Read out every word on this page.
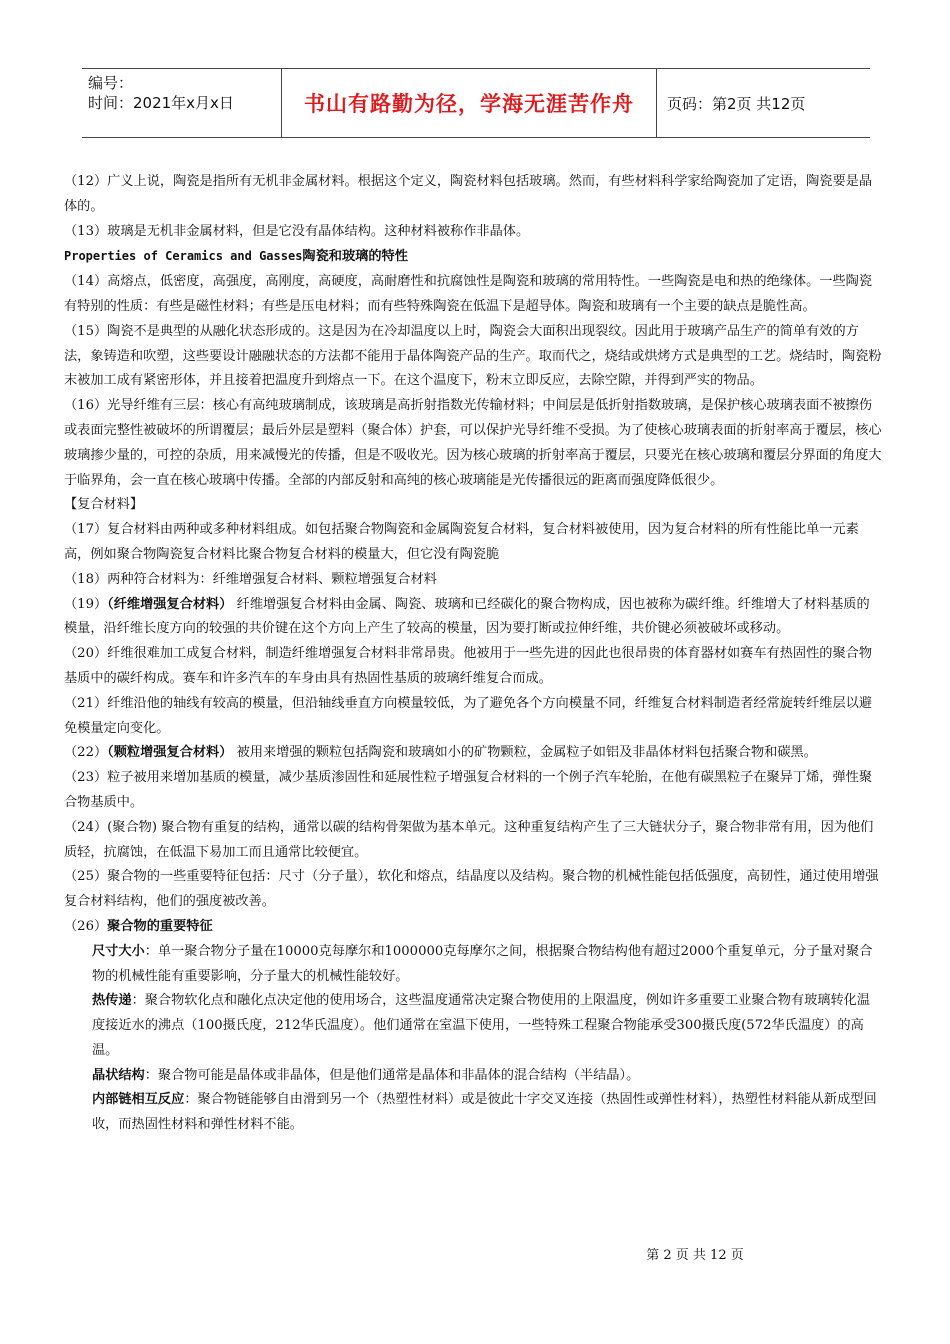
编号：
时间：2021年x月x日	书山有路勤为径，学海无涯苦作舟	页码：第2页 共12页

（12）广义上说，陶瓷是指所有无机非金属材料。根据这个定义，陶瓷材料包括玻璃。然而，有些材料科学家给陶瓷加了定语，陶瓷要是晶体的。

（13）玻璃是无机非金属材料，但是它没有晶体结构。这种材料被称作非晶体。

Properties of Ceramics and Gasses陶瓷和玻璃的特性

（14）高熔点，低密度，高强度，高刚度，高硬度，高耐磨性和抗腐蚀性是陶瓷和玻璃的常用特性。一些陶瓷是电和热的绝缘体。一些陶瓷有特别的性质：有些是磁性材料；有些是压电材料；而有些特殊陶瓷在低温下是超导体。陶瓷和玻璃有一个主要的缺点是脆性高。

（15）陶瓷不是典型的从融化状态形成的。这是因为在冷却温度以上时，陶瓷会大面积出现裂纹。因此用于玻璃产品生产的简单有效的方法，象铸造和吹塑，这些要设计融融状态的方法都不能用于晶体陶瓷产品的生产。取而代之，烧结或烘烤方式是典型的工艺。烧结时，陶瓷粉末被加工成有紧密形体，并且接着把温度升到熔点一下。在这个温度下，粉末立即反应，去除空隙，并得到严实的物品。

（16）光导纤维有三层：核心有高纯玻璃制成，该玻璃是高折射指数光传输材料；中间层是低折射指数玻璃，是保护核心玻璃表面不被擦伤或表面完整性被破坏的所谓覆层；最后外层是塑料（聚合体）护套，可以保护光导纤维不受损。为了使核心玻璃表面的折射率高于覆层，核心玻璃掺少量的，可控的杂质，用来减慢光的传播，但是不吸收光。因为核心玻璃的折射率高于覆层，只要光在核心玻璃和覆层分界面的角度大于临界角，会一直在核心玻璃中传播。全部的内部反射和高纯的核心玻璃能是光传播很远的距离而强度降低很少。

【复合材料】

（17）复合材料由两种或多种材料组成。如包括聚合物陶瓷和金属陶瓷复合材料，复合材料被使用，因为复合材料的所有性能比单一元素高，例如聚合物陶瓷复合材料比聚合物复合材料的模量大，但它没有陶瓷脆

（18）两种符合材料为：纤维增强复合材料、颗粒增强复合材料

（19）（纤维增强复合材料） 纤维增强复合材料由金属、陶瓷、玻璃和已经碳化的聚合物构成，因也被称为碳纤维。纤维增大了材料基质的模量，沿纤维长度方向的较强的共价键在这个方向上产生了较高的模量，因为要打断或拉伸纤维，共价键必须被破坏或移动。

（20）纤维很难加工成复合材料，制造纤维增强复合材料非常昂贵。他被用于一些先进的因此也很昂贵的体育器材如赛车有热固性的聚合物基质中的碳纤构成。赛车和许多汽车的车身由具有热固性基质的玻璃纤维复合而成。

（21）纤维沿他的轴线有较高的模量，但沿轴线垂直方向模量较低，为了避免各个方向模量不同，纤维复合材料制造者经常旋转纤维层以避免模量定向变化。

（22）（颗粒增强复合材料） 被用来增强的颗粒包括陶瓷和玻璃如小的矿物颗粒，金属粒子如铝及非晶体材料包括聚合物和碳黑。

（23）粒子被用来增加基质的模量，减少基质渗固性和延展性粒子增强复合材料的一个例子汽车轮胎，在他有碳黑粒子在聚异丁烯，弹性聚合物基质中。

（24）(聚合物) 聚合物有重复的结构，通常以碳的结构骨架做为基本单元。这种重复结构产生了三大链状分子，聚合物非常有用，因为他们质轻，抗腐蚀，在低温下易加工而且通常比较便宜。

（25）聚合物的一些重要特征包括：尺寸（分子量），软化和熔点，结晶度以及结构。聚合物的机械性能包括低强度，高韧性，通过使用增强复合材料结构，他们的强度被改善。

（26）聚合物的重要特征

尺寸大小：单一聚合物分子量在10000克每摩尔和1000000克每摩尔之间，根据聚合物结构他有超过2000个重复单元，分子量对聚合物的机械性能有重要影响，分子量大的机械性能较好。

热传递：聚合物软化点和融化点决定他的使用场合，这些温度通常决定聚合物使用的上限温度，例如许多重要工业聚合物有玻璃转化温度接近水的沸点（100摄氏度，212华氏温度）。他们通常在室温下使用，一些特殊工程聚合物能承受300摄氏度(572华氏温度）的高温。

晶状结构：聚合物可能是晶体或非晶体，但是他们通常是晶体和非晶体的混合结构（半结晶）。

内部链相互反应：聚合物链能够自由滑到另一个（热塑性材料）或是彼此十字交叉连接（热固性或弹性材料），热塑性材料能从新成型回收，而热固性材料和弹性材料不能。

第 2 页 共 12 页
